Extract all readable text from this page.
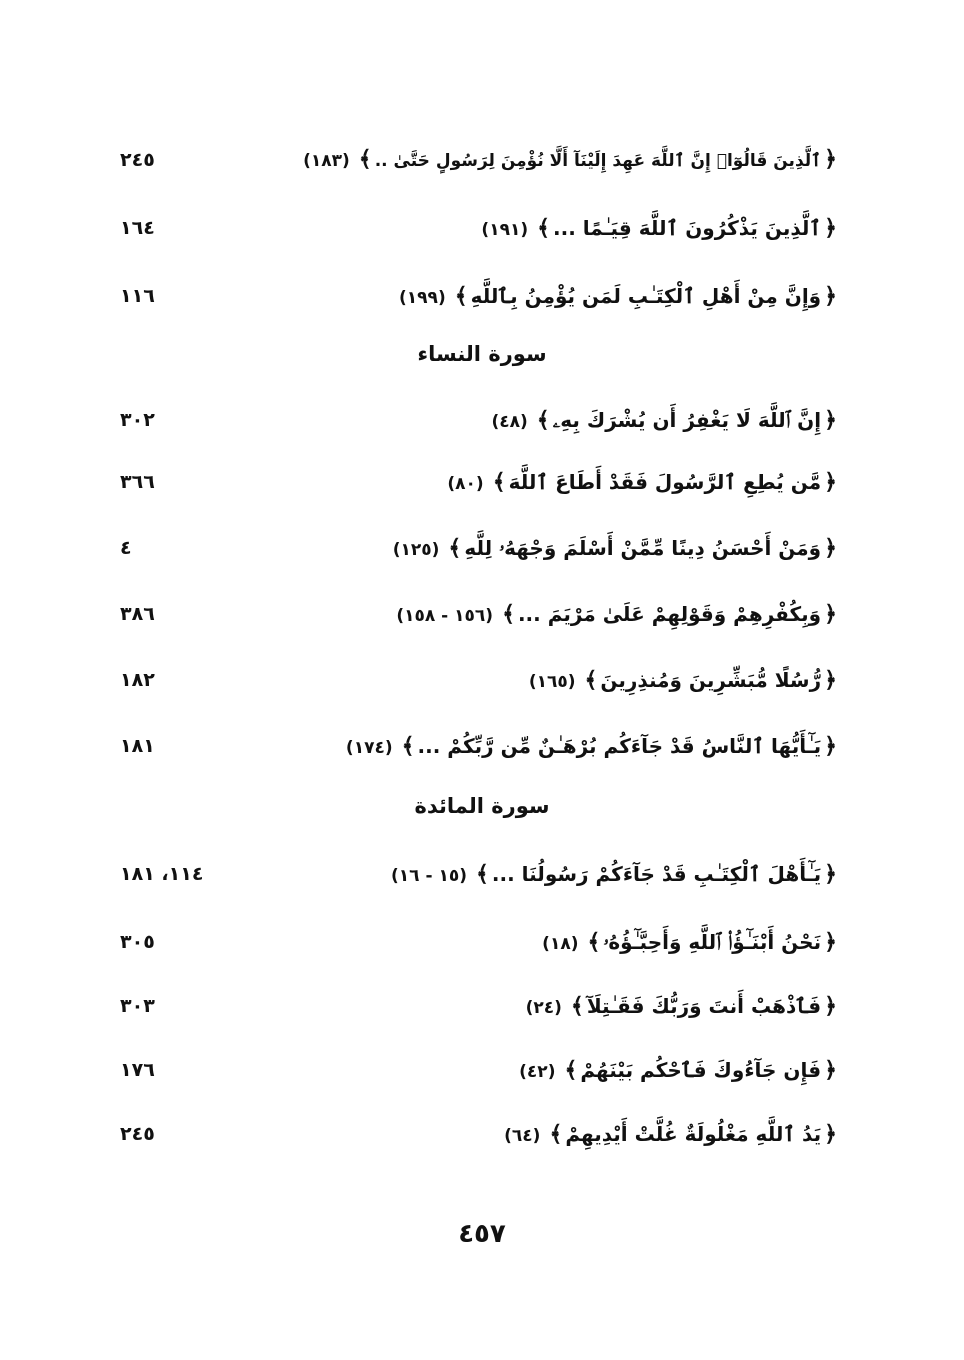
﴿ٱلَّذِينَ قَالُوٓا۟ إِنَّ ٱللَّهَ عَهِدَ إِلَيْنَآ أَلَّا نُؤْمِنَ لِرَسُولٍ حَتَّىٰ ..﴾(١٨٣)
٢٤٥
﴿ٱلَّذِينَ يَذْكُرُونَ ٱللَّهَ قِيَـٰمًا ...﴾(١٩١)
١٦٤
﴿وَإِنَّ مِنْ أَهْلِ ٱلْكِتَـٰبِ لَمَن يُؤْمِنُ بِٱللَّهِ﴾(١٩٩)
١١٦
سورة النساء
﴿إِنَّ ٱللَّهَ لَا يَغْفِرُ أَن يُشْرَكَ بِهِۦ﴾(٤٨)
٣٠٢
﴿مَّن يُطِعِ ٱلرَّسُولَ فَقَدْ أَطَاعَ ٱللَّهَ﴾(٨٠)
٣٦٦
﴿وَمَنْ أَحْسَنُ دِينًا مِّمَّنْ أَسْلَمَ وَجْهَهُۥ لِلَّهِ﴾(١٢٥)
٤
﴿وَبِكُفْرِهِمْ وَقَوْلِهِمْ عَلَىٰ مَرْيَمَ ...﴾(١٥٦ - ١٥٨)
٣٨٦
﴿رُّسُلًا مُّبَشِّرِينَ وَمُنذِرِينَ﴾(١٦٥)
١٨٢
﴿يَـٰٓأَيُّهَا ٱلنَّاسُ قَدْ جَآءَكُم بُرْهَـٰنٌ مِّن رَّبِّكُمْ ...﴾(١٧٤)
١٨١
سورة المائدة
﴿يَـٰٓأَهْلَ ٱلْكِتَـٰبِ قَدْ جَآءَكُمْ رَسُولُنَا ...﴾(١٥ - ١٦)
١١٤، ١٨١
﴿نَحْنُ أَبْنَـٰٓؤُا۟ ٱللَّهِ وَأَحِبَّـٰٓؤُهُۥ﴾(١٨)
٣٠٥
﴿فَٱذْهَبْ أَنتَ وَرَبُّكَ فَقَـٰتِلَآ﴾(٢٤)
٣٠٣
﴿فَإِن جَآءُوكَ فَٱحْكُم بَيْنَهُمْ﴾(٤٢)
١٧٦
﴿يَدُ ٱللَّهِ مَغْلُولَةٌ غُلَّتْ أَيْدِيهِمْ﴾(٦٤)
٢٤٥
٤٥٧
